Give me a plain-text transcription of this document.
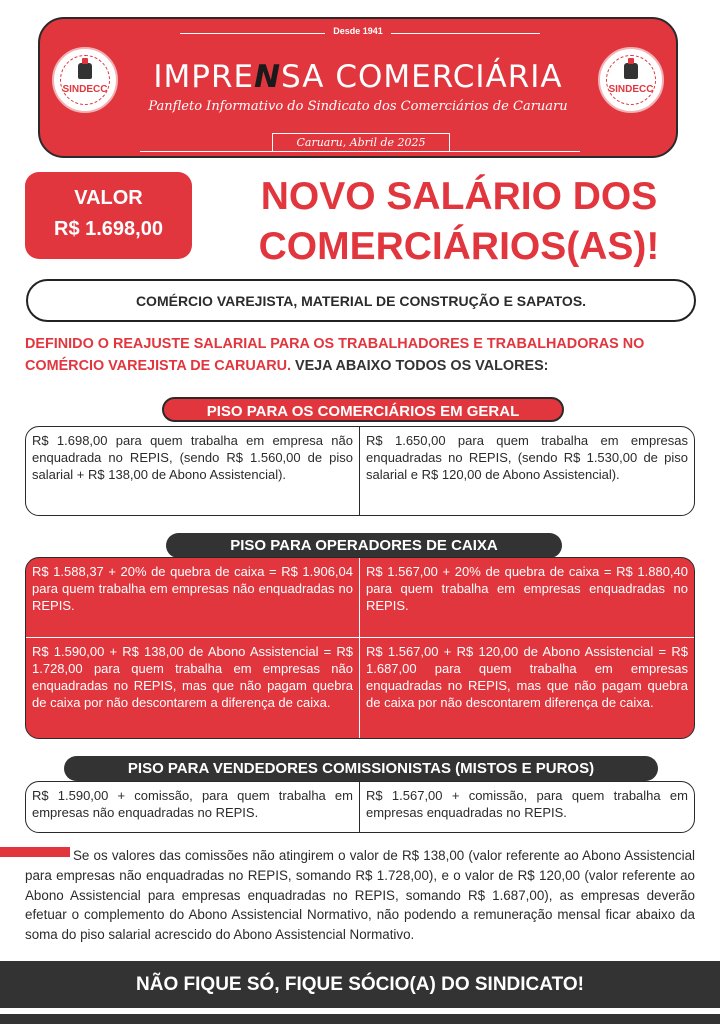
Desde 1941
SINDECC	IMPRENSA COMERCIÁRIA
Panfleto Informativo do Sindicato dos Comerciários de Caruaru
Caruaru, Abril de 2025
SINDECC
VALOR
R$ 1.698,00
NOVO SALÁRIO DOS
COMERCIÁRIOS(AS)!
COMÉRCIO VAREJISTA, MATERIAL DE CONSTRUÇÃO E SAPATOS.
DEFINIDO O REAJUSTE SALARIAL PARA OS TRABALHADORES E TRABALHADORAS NO COMÉRCIO VAREJISTA DE CARUARU. VEJA ABAIXO TODOS OS VALORES:
PISO PARA OS COMERCIÁRIOS EM GERAL
R$ 1.698,00 para quem trabalha em empresa não enquadrada no REPIS, (sendo R$ 1.560,00 de piso salarial + R$ 138,00 de Abono Assistencial).
R$ 1.650,00 para quem trabalha em empresas enquadradas no REPIS, (sendo R$ 1.530,00 de piso salarial e R$ 120,00 de Abono Assistencial).
PISO PARA OPERADORES DE CAIXA
R$ 1.588,37 + 20% de quebra de caixa = R$ 1.906,04 para quem trabalha em empresas não enquadradas no REPIS.
R$ 1.567,00 + 20% de quebra de caixa = R$ 1.880,40 para quem trabalha em empresas enquadradas no REPIS.
R$ 1.590,00 + R$ 138,00 de Abono Assistencial = R$ 1.728,00 para quem trabalha em empresas não enquadradas no REPIS, mas que não pagam quebra de caixa por não descontarem a diferença de caixa.
R$ 1.567,00 + R$ 120,00 de Abono Assistencial = R$ 1.687,00 para quem trabalha em empresas enquadradas no REPIS, mas que não pagam quebra de caixa por não descontarem diferença de caixa.
PISO PARA VENDEDORES COMISSIONISTAS (MISTOS E PUROS)
R$ 1.590,00 + comissão, para quem trabalha em empresas não enquadradas no REPIS.
R$ 1.567,00 + comissão, para quem trabalha em empresas enquadradas no REPIS.
Se os valores das comissões não atingirem o valor de R$ 138,00 (valor referente ao Abono Assistencial para empresas não enquadradas no REPIS, somando R$ 1.728,00), e o valor de R$ 120,00 (valor referente ao Abono Assistencial para empresas enquadradas no REPIS, somando R$ 1.687,00), as empresas deverão efetuar o complemento do Abono Assistencial Normativo, não podendo a remuneração mensal ficar abaixo da soma do piso salarial acrescido do Abono Assistencial Normativo.
NÃO FIQUE SÓ, FIQUE SÓCIO(A) DO SINDICATO!
